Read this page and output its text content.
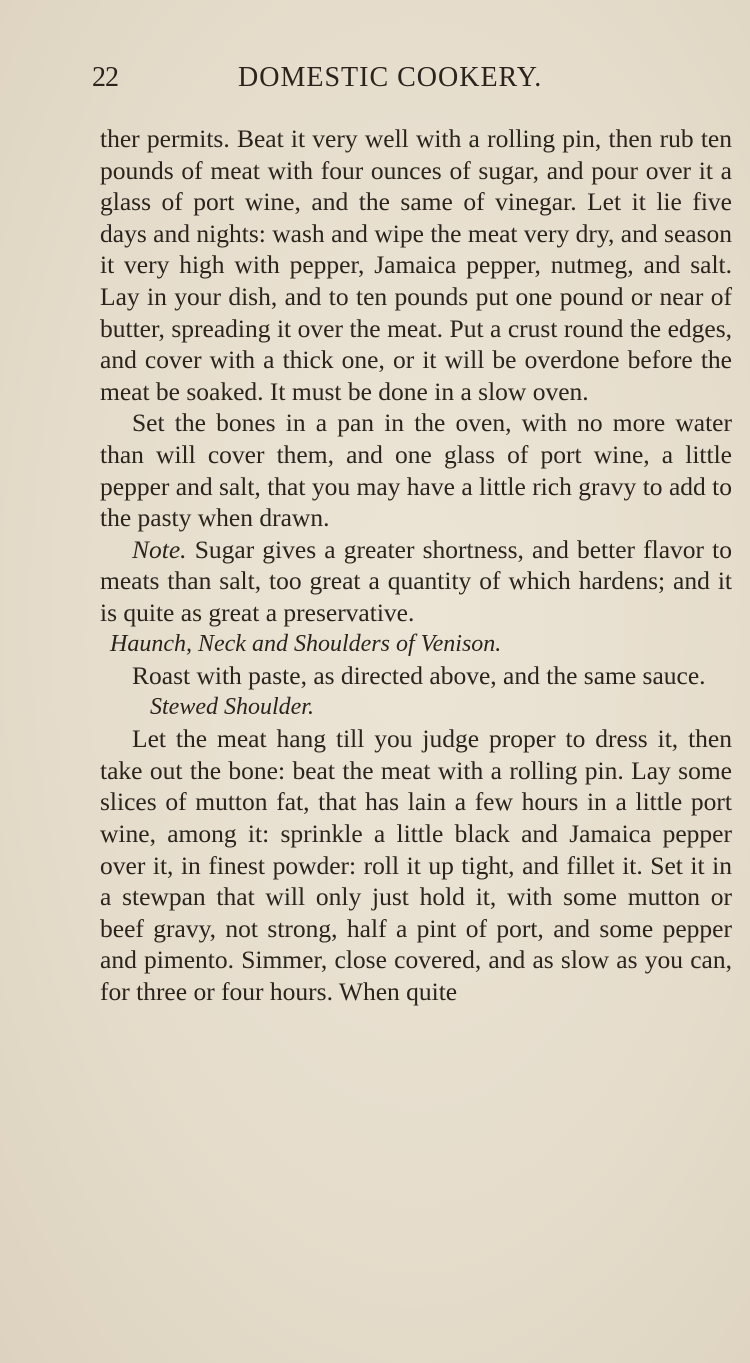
22	DOMESTIC COOKERY.

ther permits. Beat it very well with a rolling pin, then rub ten pounds of meat with four ounces of sugar, and pour over it a glass of port wine, and the same of vinegar. Let it lie five days and nights: wash and wipe the meat very dry, and season it very high with pepper, Jamaica pepper, nutmeg, and salt. Lay in your dish, and to ten pounds put one pound or near of butter, spreading it over the meat. Put a crust round the edges, and cover with a thick one, or it will be overdone before the meat be soaked. It must be done in a slow oven.

Set the bones in a pan in the oven, with no more water than will cover them, and one glass of port wine, a little pepper and salt, that you may have a little rich gravy to add to the pasty when drawn.

Note. Sugar gives a greater shortness, and better flavor to meats than salt, too great a quantity of which hardens; and it is quite as great a preservative.

Haunch, Neck and Shoulders of Venison.

Roast with paste, as directed above, and the same sauce.

Stewed Shoulder.

Let the meat hang till you judge proper to dress it, then take out the bone: beat the meat with a rolling pin. Lay some slices of mutton fat, that has lain a few hours in a little port wine, among it: sprinkle a little black and Jamaica pepper over it, in finest powder: roll it up tight, and fillet it. Set it in a stewpan that will only just hold it, with some mutton or beef gravy, not strong, half a pint of port, and some pepper and pimento. Simmer, close covered, and as slow as you can, for three or four hours. When quite
